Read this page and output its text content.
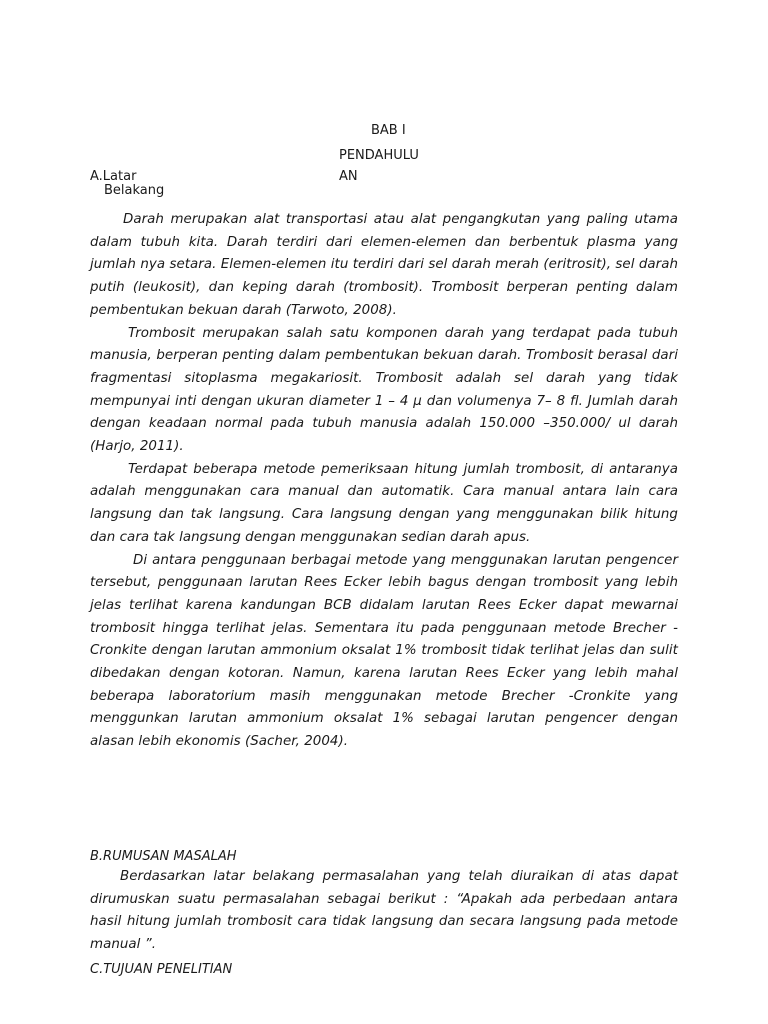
BAB I
PENDAHULU
AN
A.Latar
Belakang

Darah merupakan alat transportasi atau alat pengangkutan yang paling utama dalam tubuh kita. Darah terdiri dari elemen-elemen dan berbentuk plasma yang jumlah nya setara. Elemen-elemen itu terdiri dari sel darah merah (eritrosit), sel darah putih (leukosit), dan keping darah (trombosit). Trombosit berperan penting dalam pembentukan bekuan darah (Tarwoto, 2008).

Trombosit merupakan salah satu komponen darah yang terdapat pada tubuh manusia, berperan penting dalam pembentukan bekuan darah. Trombosit berasal dari fragmentasi sitoplasma megakariosit. Trombosit adalah sel darah yang tidak mempunyai inti dengan ukuran diameter 1 – 4 µ dan volumenya 7– 8 fl. Jumlah darah dengan keadaan normal pada tubuh manusia adalah 150.000 –350.000/ ul darah (Harjo, 2011).

Terdapat beberapa metode pemeriksaan hitung jumlah trombosit, di antaranya adalah menggunakan cara manual dan automatik. Cara manual antara lain cara langsung dan tak langsung. Cara langsung dengan yang menggunakan bilik hitung dan cara tak langsung dengan menggunakan sedian darah apus.

Di antara penggunaan berbagai metode yang menggunakan larutan pengencer tersebut, penggunaan larutan Rees Ecker lebih bagus dengan trombosit yang lebih jelas terlihat karena kandungan BCB didalam larutan Rees Ecker dapat mewarnai trombosit hingga terlihat jelas. Sementara itu pada penggunaan metode Brecher - Cronkite dengan larutan ammonium oksalat 1% trombosit tidak terlihat jelas dan sulit dibedakan dengan kotoran. Namun, karena larutan Rees Ecker yang lebih mahal beberapa laboratorium masih menggunakan metode Brecher -Cronkite yang menggunkan larutan ammonium oksalat 1% sebagai larutan pengencer dengan alasan lebih ekonomis (Sacher, 2004).

B.RUMUSAN MASALAH

Berdasarkan latar belakang permasalahan yang telah diuraikan di atas dapat dirumuskan suatu permasalahan sebagai berikut : “Apakah ada perbedaan antara hasil hitung jumlah trombosit cara tidak langsung dan secara langsung pada metode manual ”.

C.TUJUAN PENELITIAN
